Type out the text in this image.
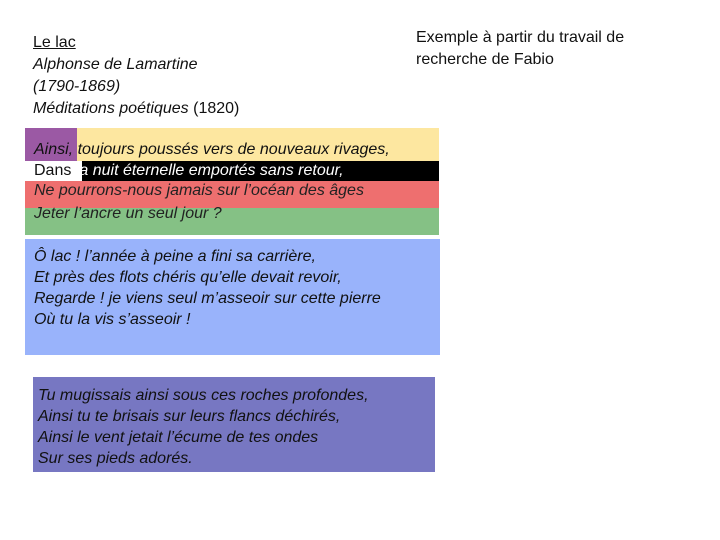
Le lac
Alphonse de Lamartine
(1790-1869)
Méditations poétiques (1820)
Exemple à partir du travail de
recherche de Fabio
Ainsi, toujours poussés vers de nouveaux rivages,
Dans la nuit éternelle emportés sans retour,
Ne pourrons-nous jamais sur l’océan des âges
Jeter l’ancre un seul jour ?
Ô lac ! l’année à peine a fini sa carrière,
Et près des flots chéris qu’elle devait revoir,
Regarde ! je viens seul m’asseoir sur cette pierre
Où tu la vis s’asseoir !
Tu mugissais ainsi sous ces roches profondes,
Ainsi tu te brisais sur leurs flancs déchirés,
Ainsi le vent jetait l’écume de tes ondes
Sur ses pieds adorés.
